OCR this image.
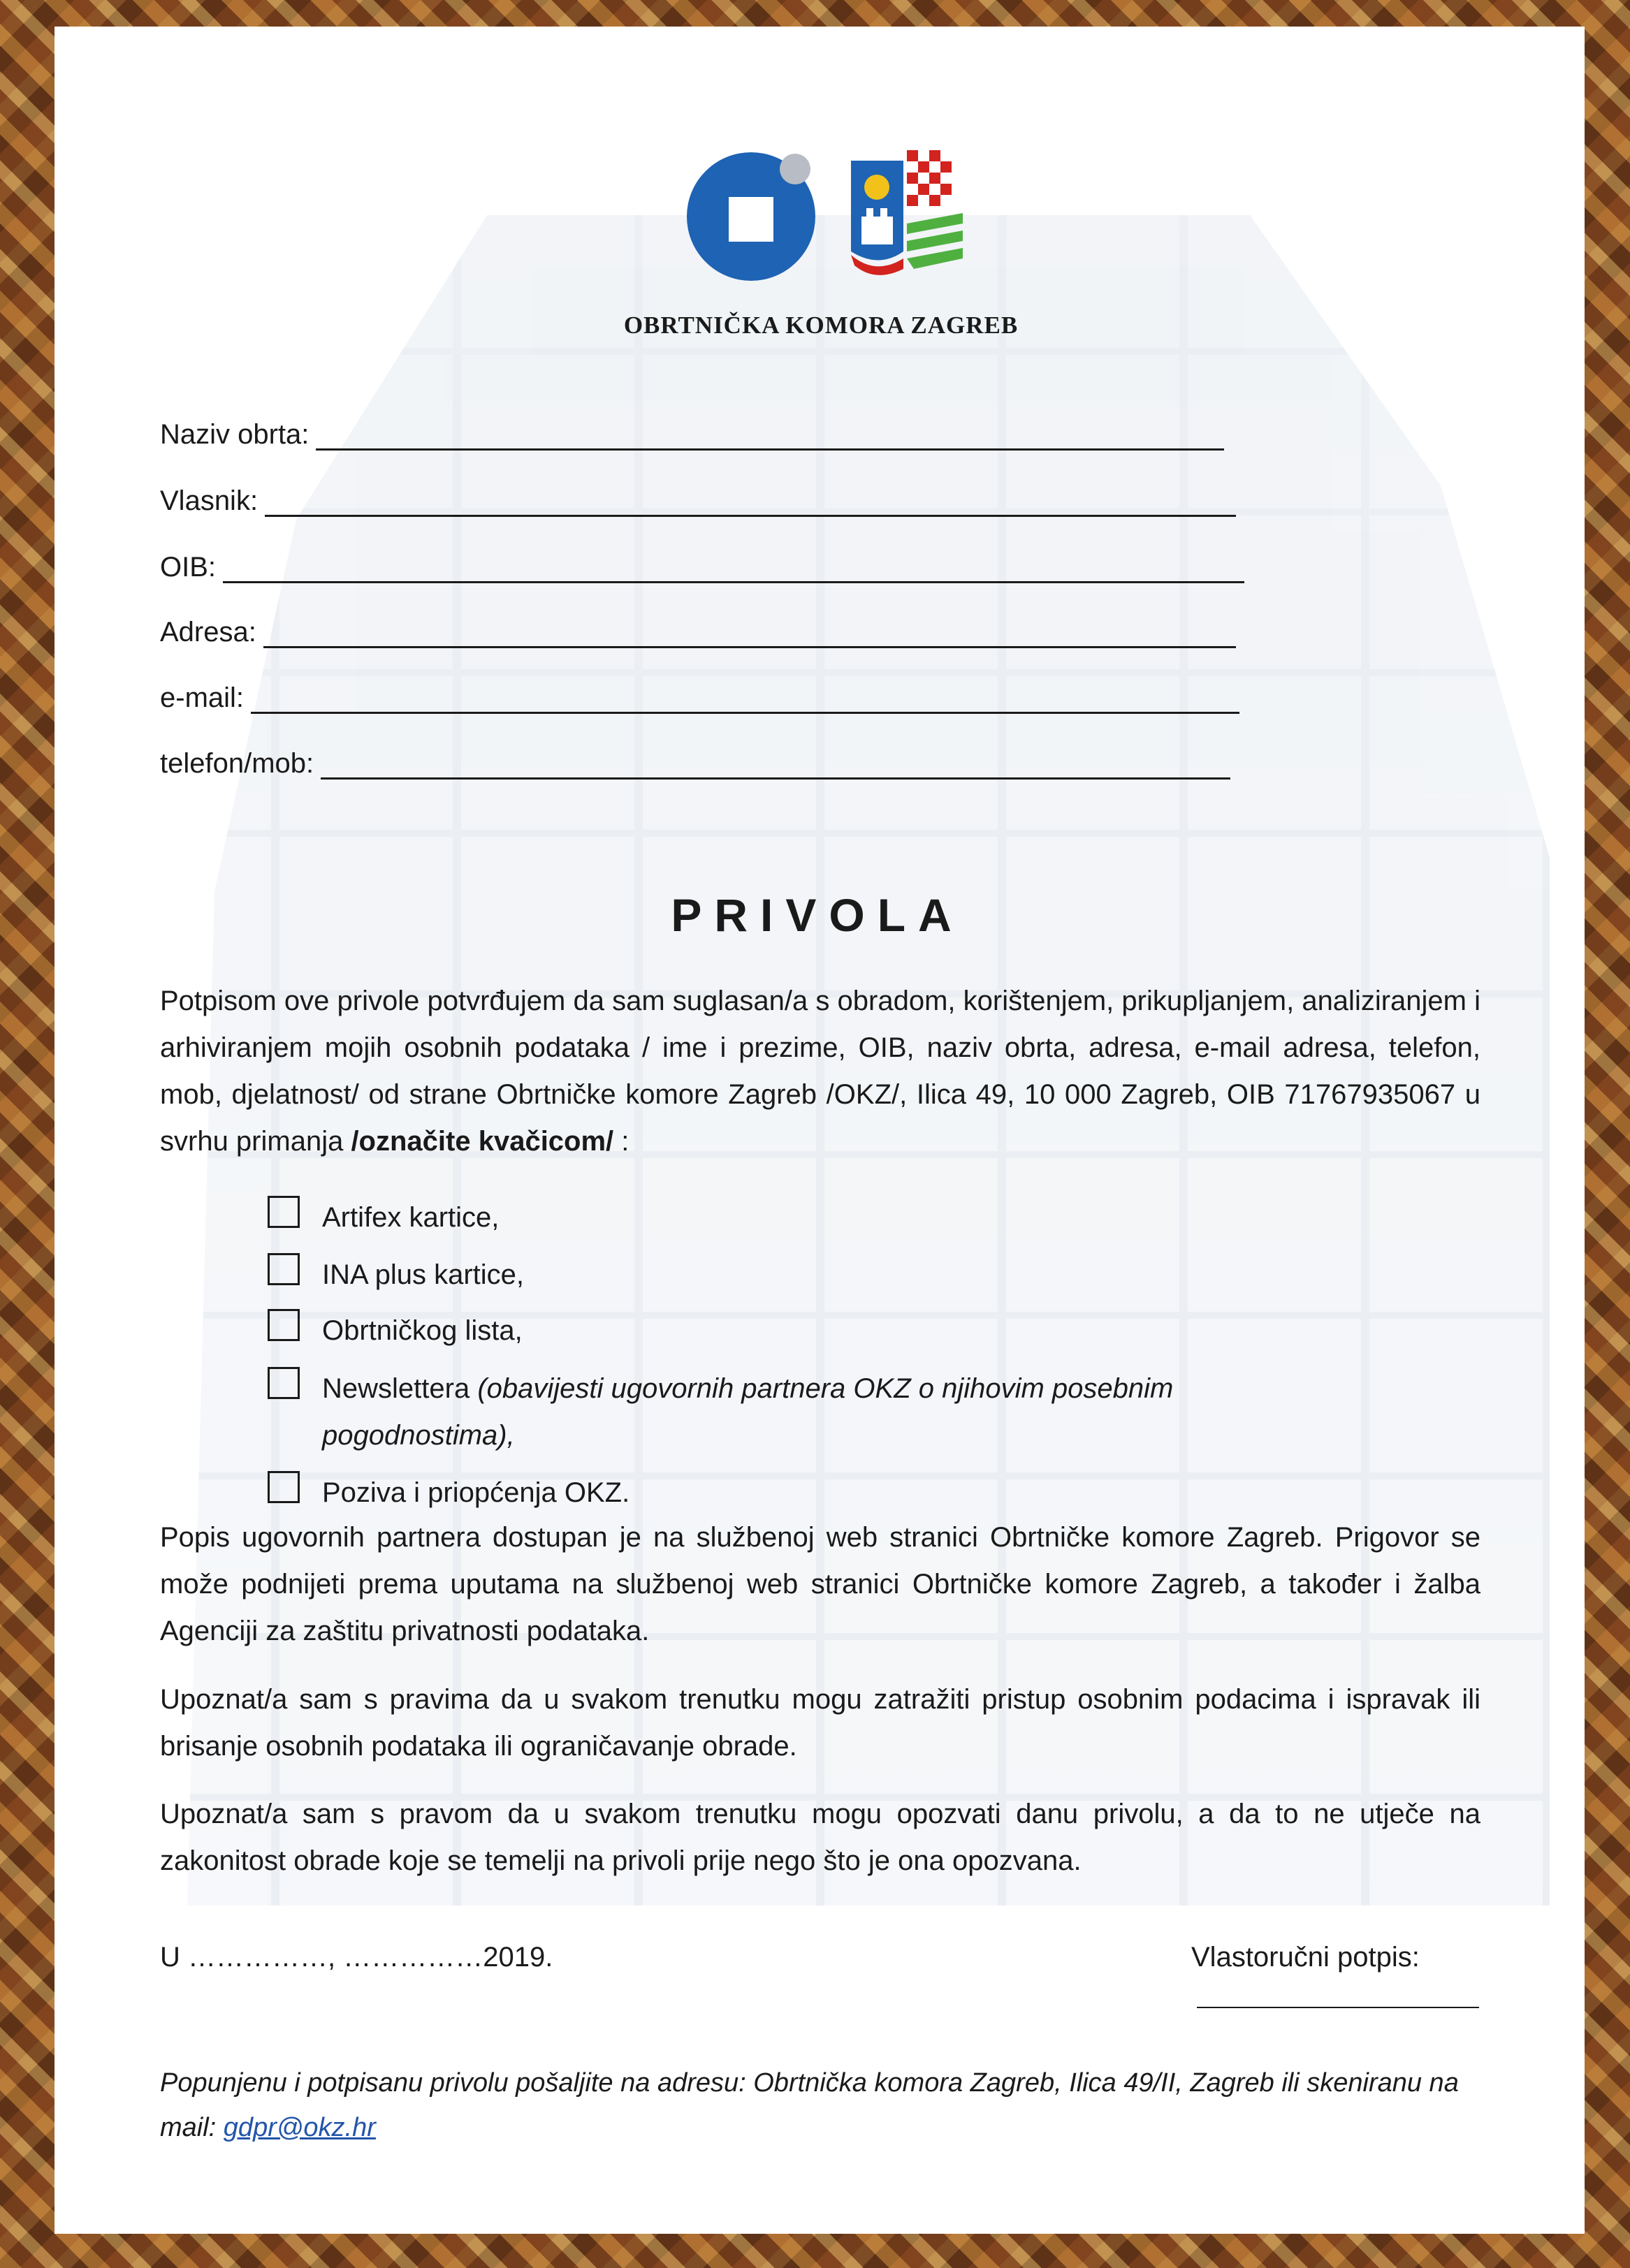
OBRTNIČKA KOMORA ZAGREB
Naziv obrta:
Vlasnik:
OIB:
Adresa:
e-mail:
telefon/mob:
PRIVOLA

Potpisom ove privole potvrđujem da sam suglasan/a s obradom, korištenjem, prikupljanjem, analiziranjem i arhiviranjem mojih osobnih podataka / ime i prezime, OIB, naziv obrta, adresa, e-mail adresa, telefon, mob, djelatnost/ od strane Obrtničke komore Zagreb /OKZ/, Ilica 49, 10 000 Zagreb, OIB 71767935067 u svrhu primanja /označite kvačicom/ :

Artifex kartice,
INA plus kartice,
Obrtničkog lista,
Newslettera (obavijesti ugovornih partnera OKZ o njihovim posebnim pogodnostima),
Poziva i priopćenja OKZ.

Popis ugovornih partnera dostupan je na službenoj web stranici Obrtničke komore Zagreb. Prigovor se može podnijeti prema uputama na službenoj web stranici Obrtničke komore Zagreb, a također i žalba Agenciji za zaštitu privatnosti podataka.

Upoznat/a sam s pravima da u svakom trenutku mogu zatražiti pristup osobnim podacima i ispravak ili brisanje osobnih podataka ili ograničavanje obrade.

Upoznat/a sam s pravom da u svakom trenutku mogu opozvati danu privolu, a da to ne utječe na zakonitost obrade koje se temelji na privoli prije nego što je ona opozvana.

U ……………, ……………2019.	Vlastoručni potpis:
Popunjenu i potpisanu privolu pošaljite na adresu: Obrtnička komora Zagreb, Ilica 49/II, Zagreb ili skeniranu na mail: gdpr@okz.hr
